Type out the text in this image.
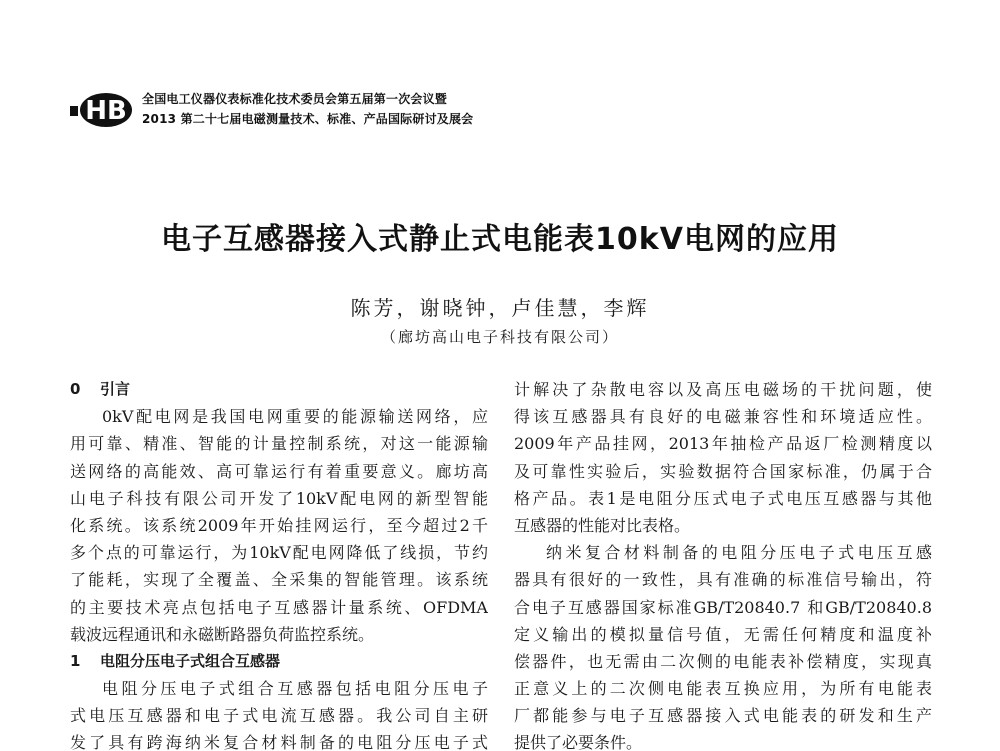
HB 全国电工仪器仪表标准化技术委员会第五届第一次会议暨
2013 第二十七届电磁测量技术、标准、产品国际研讨及展会
电子互感器接入式静止式电能表10kV电网的应用
陈芳，谢晓钟，卢佳慧，李辉
（廊坊高山电子科技有限公司）
0 引言

0kV配电网是我国电网重要的能源输送网络，应

用可靠、精准、智能的计量控制系统，对这一能源输

送网络的高能效、高可靠运行有着重要意义。廊坊高

山电子科技有限公司开发了10kV配电网的新型智能

化系统。该系统2009年开始挂网运行，至今超过2千

多个点的可靠运行，为10kV配电网降低了线损，节约

了能耗，实现了全覆盖、全采集的智能管理。该系统

的主要技术亮点包括电子互感器计量系统、OFDMA

载波远程通讯和永磁断路器负荷监控系统。

1 电阻分压电子式组合互感器

电阻分压电子式组合互感器包括电阻分压电子

式电压互感器和电子式电流互感器。我公司自主研

发了具有跨海纳米复合材料制备的电阻分压电子式

计解决了杂散电容以及高压电磁场的干扰问题，使

得该互感器具有良好的电磁兼容性和环境适应性。

2009年产品挂网，2013年抽检产品返厂检测精度以

及可靠性实验后，实验数据符合国家标准，仍属于合

格产品。表1是电阻分压式电子式电压互感器与其他

互感器的性能对比表格。

纳米复合材料制备的电阻分压电子式电压互感

器具有很好的一致性，具有准确的标准信号输出，符

合电子互感器国家标准GB/T20840.7 和GB/T20840.8

定义输出的模拟量信号值，无需任何精度和温度补

偿器件，也无需由二次侧的电能表补偿精度，实现真

正意义上的二次侧电能表互换应用，为所有电能表

厂都能参与电子互感器接入式电能表的研发和生产

提供了必要条件。
